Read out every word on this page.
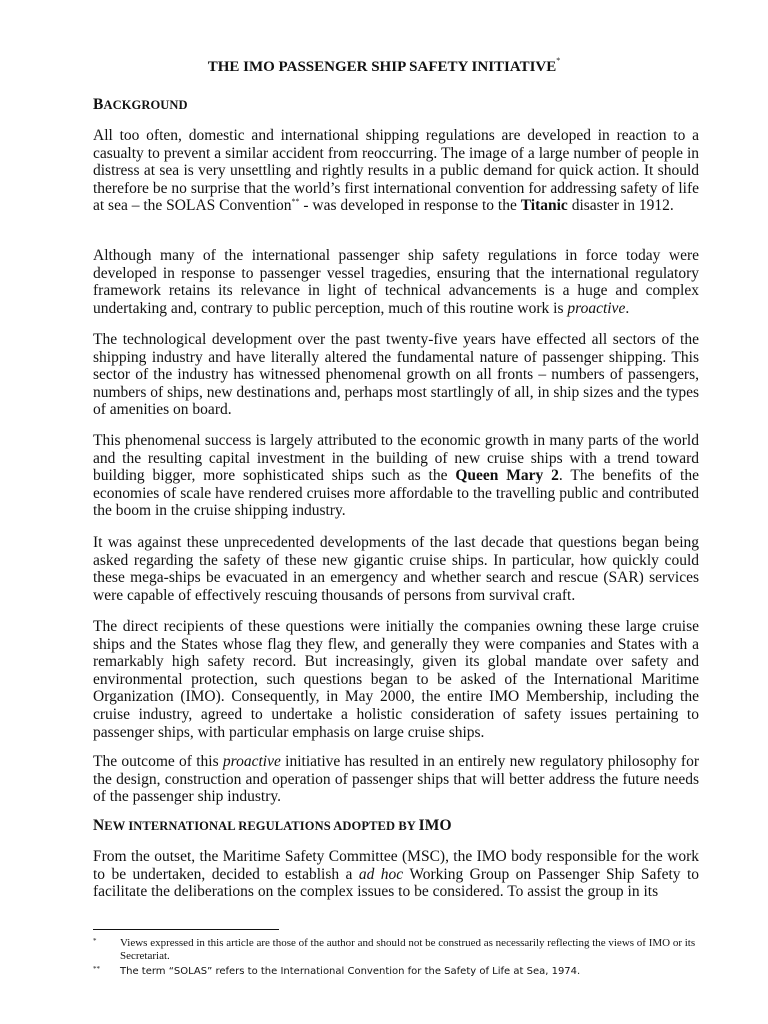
THE IMO PASSENGER SHIP SAFETY INITIATIVE*
BACKGROUND
All too often, domestic and international shipping regulations are developed in reaction to a casualty to prevent a similar accident from reoccurring. The image of a large number of people in distress at sea is very unsettling and rightly results in a public demand for quick action. It should therefore be no surprise that the world’s first international convention for addressing safety of life at sea – the SOLAS Convention** - was developed in response to the Titanic disaster in 1912.
Although many of the international passenger ship safety regulations in force today were developed in response to passenger vessel tragedies, ensuring that the international regulatory framework retains its relevance in light of technical advancements is a huge and complex undertaking and, contrary to public perception, much of this routine work is proactive.
The technological development over the past twenty-five years have effected all sectors of the shipping industry and have literally altered the fundamental nature of passenger shipping. This sector of the industry has witnessed phenomenal growth on all fronts – numbers of passengers, numbers of ships, new destinations and, perhaps most startlingly of all, in ship sizes and the types of amenities on board.
This phenomenal success is largely attributed to the economic growth in many parts of the world and the resulting capital investment in the building of new cruise ships with a trend toward building bigger, more sophisticated ships such as the Queen Mary 2. The benefits of the economies of scale have rendered cruises more affordable to the travelling public and contributed the boom in the cruise shipping industry.
It was against these unprecedented developments of the last decade that questions began being asked regarding the safety of these new gigantic cruise ships. In particular, how quickly could these mega-ships be evacuated in an emergency and whether search and rescue (SAR) services were capable of effectively rescuing thousands of persons from survival craft.
The direct recipients of these questions were initially the companies owning these large cruise ships and the States whose flag they flew, and generally they were companies and States with a remarkably high safety record. But increasingly, given its global mandate over safety and environmental protection, such questions began to be asked of the International Maritime Organization (IMO). Consequently, in May 2000, the entire IMO Membership, including the cruise industry, agreed to undertake a holistic consideration of safety issues pertaining to passenger ships, with particular emphasis on large cruise ships.
The outcome of this proactive initiative has resulted in an entirely new regulatory philosophy for the design, construction and operation of passenger ships that will better address the future needs of the passenger ship industry.
NEW INTERNATIONAL REGULATIONS ADOPTED BY IMO
From the outset, the Maritime Safety Committee (MSC), the IMO body responsible for the work to be undertaken, decided to establish a ad hoc Working Group on Passenger Ship Safety to facilitate the deliberations on the complex issues to be considered. To assist the group in its
*	Views expressed in this article are those of the author and should not be construed as necessarily reflecting the views of IMO or its Secretariat.
**	The term “SOLAS” refers to the International Convention for the Safety of Life at Sea, 1974.
